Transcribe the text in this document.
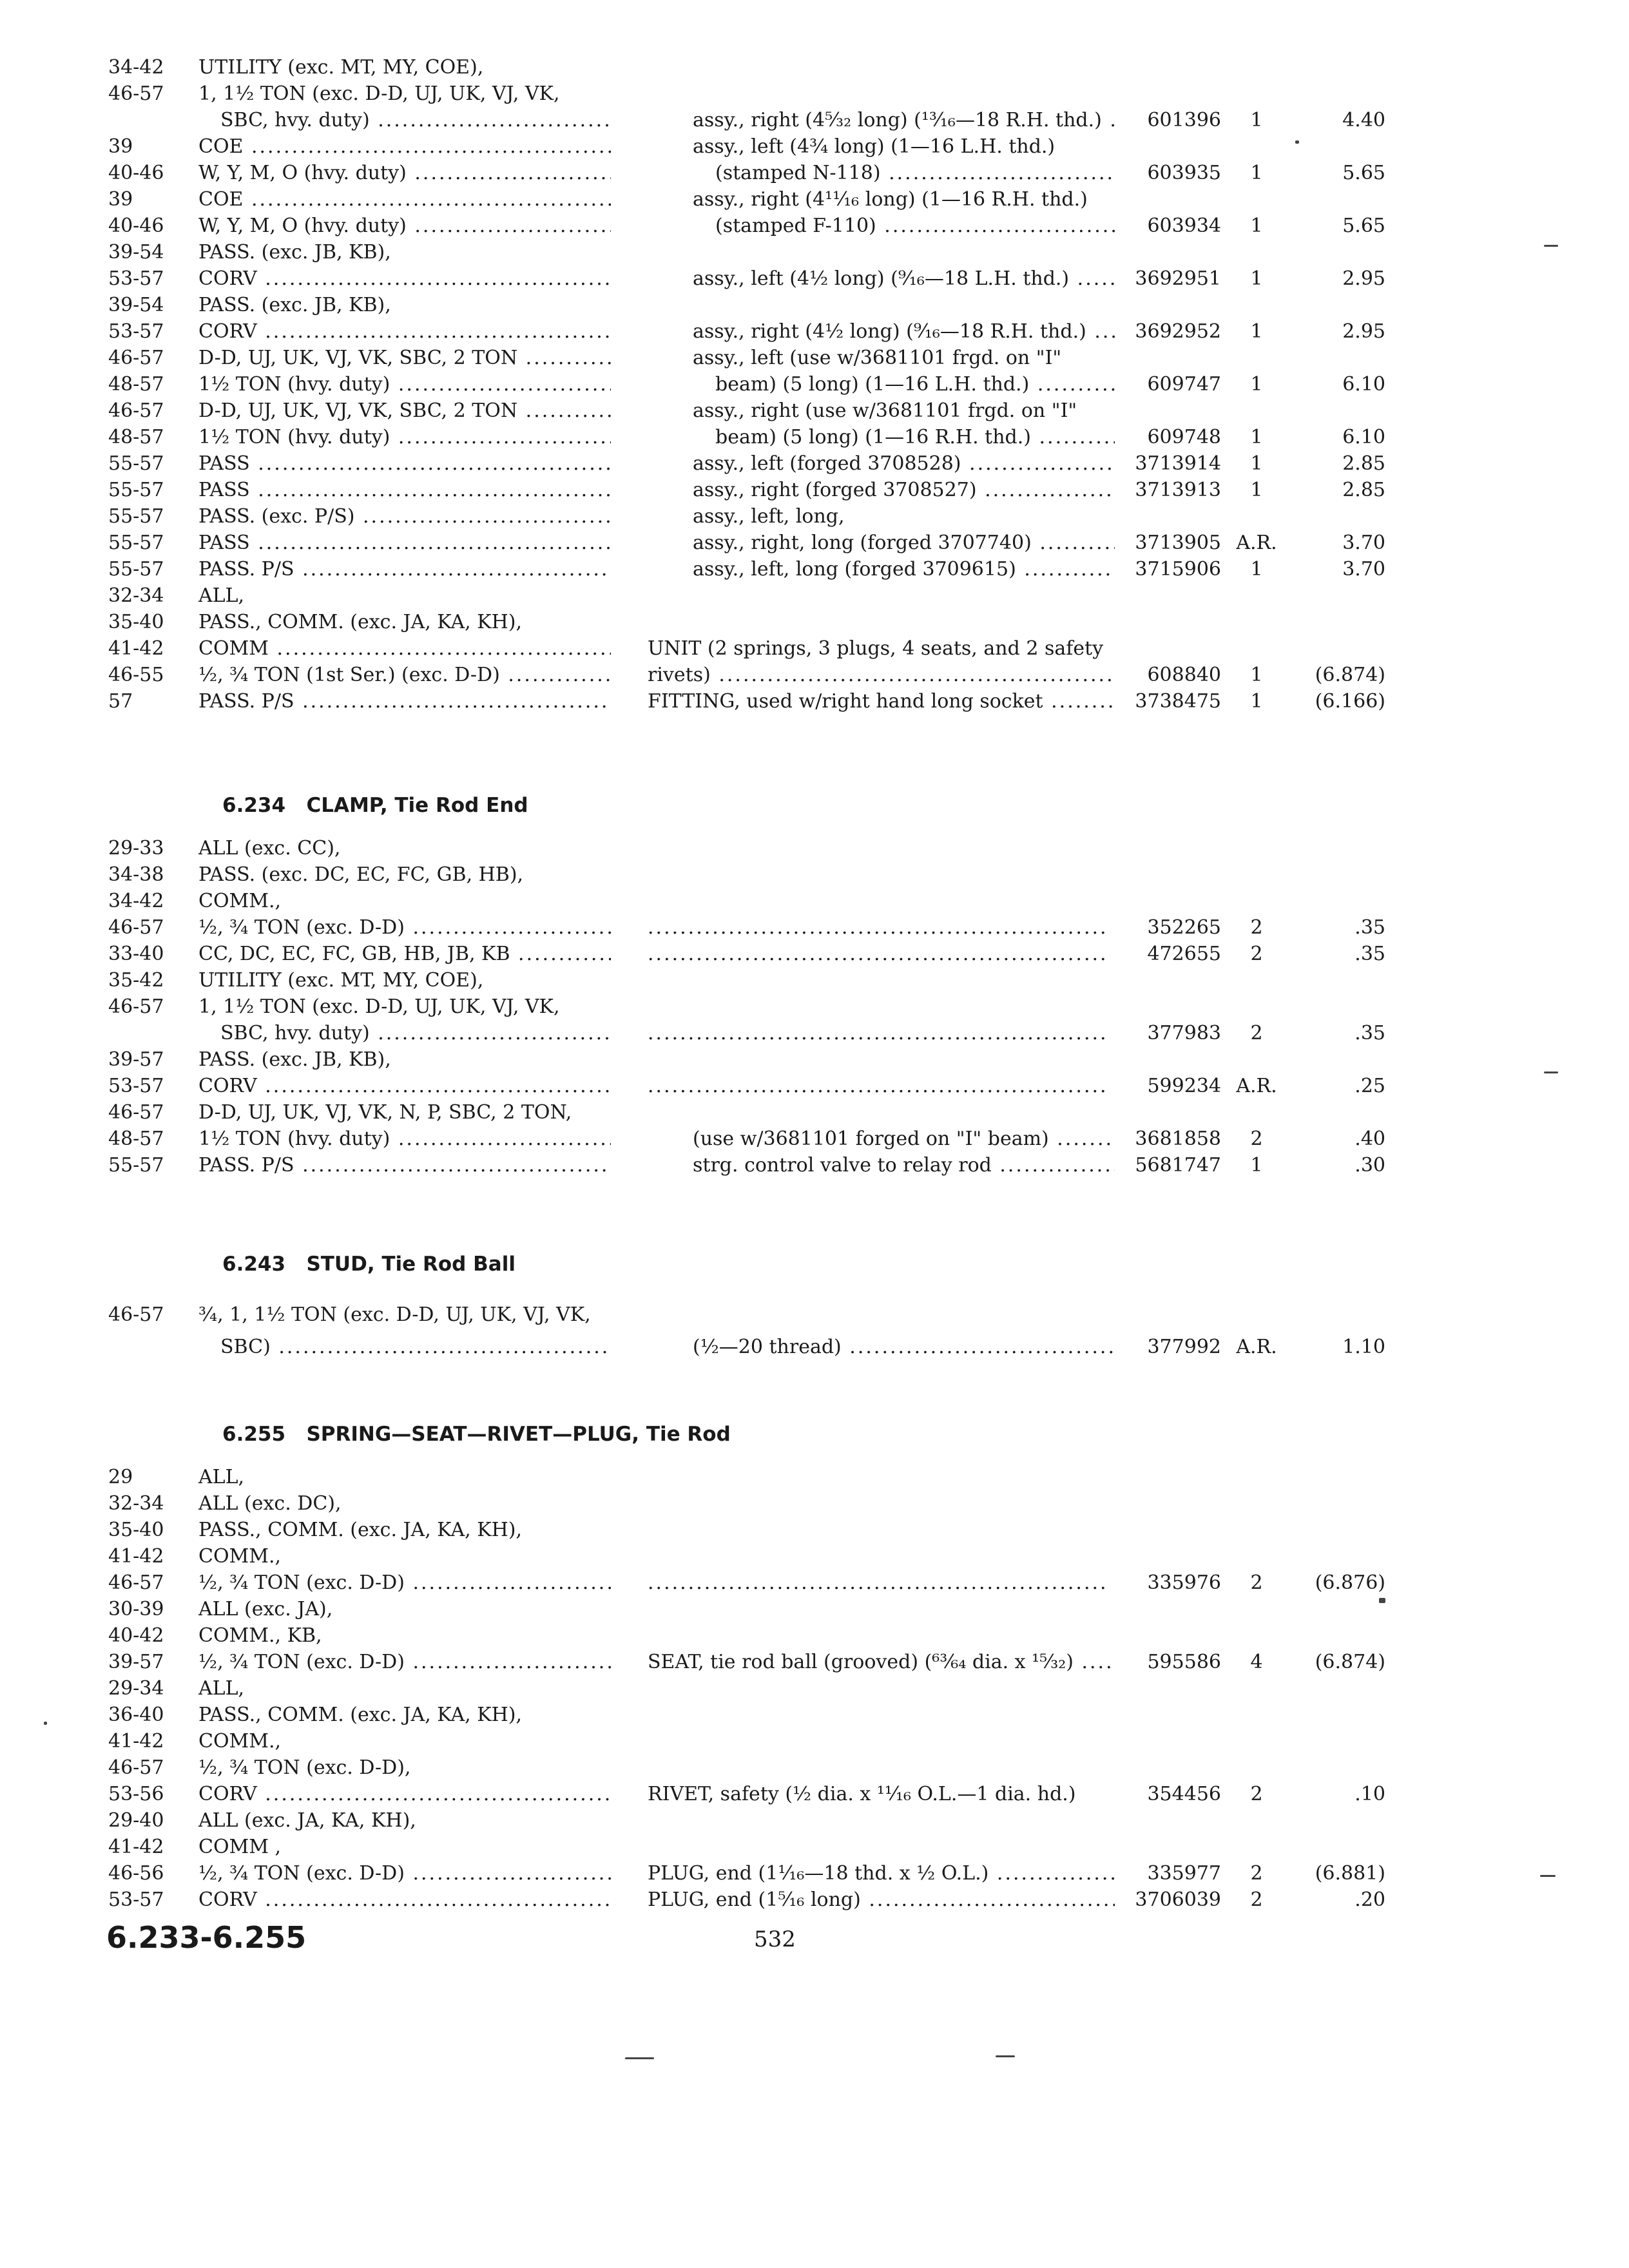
34-42	UTILITY (exc. MT, MY, COE),
46-57	1, 1½ TON (exc. D-D, UJ, UK, VJ, VK,
SBC, hvy. duty) .....	assy., right (4⁵⁄₃₂ long) (¹³⁄₁₆—18 R.H. thd.) .....	601396	1	4.40
39	COE .....	assy., left (4¾ long) (1—16 L.H. thd.)
40-46	W, Y, M, O (hvy. duty) .....	(stamped N-118) .....	603935	1	5.65
39	COE .....	assy., right (4¹¹⁄₁₆ long) (1—16 R.H. thd.)
40-46	W, Y, M, O (hvy. duty) .....	(stamped F-110) .....	603934	1	5.65
39-54	PASS. (exc. JB, KB),
53-57	CORV .....	assy., left (4½ long) (⁹⁄₁₆—18 L.H. thd.) .....	3692951	1	2.95
39-54	PASS. (exc. JB, KB),
53-57	CORV .....	assy., right (4½ long) (⁹⁄₁₆—18 R.H. thd.) .....	3692952	1	2.95
46-57	D-D, UJ, UK, VJ, VK, SBC, 2 TON .....	assy., left (use w/3681101 frgd. on "I"
48-57	1½ TON (hvy. duty) .....	beam) (5 long) (1—16 L.H. thd.) .....	609747	1	6.10
46-57	D-D, UJ, UK, VJ, VK, SBC, 2 TON .....	assy., right (use w/3681101 frgd. on "I"
48-57	1½ TON (hvy. duty) .....	beam) (5 long) (1—16 R.H. thd.) .....	609748	1	6.10
55-57	PASS .....	assy., left (forged 3708528) .....	3713914	1	2.85
55-57	PASS .....	assy., right (forged 3708527) .....	3713913	1	2.85
55-57	PASS. (exc. P/S) .....	assy., left, long,
55-57	PASS .....	assy., right, long (forged 3707740) .....	3713905 A.R.	3.70
55-57	PASS. P/S .....	assy., left, long (forged 3709615) .....	3715906	1	3.70
32-34	ALL,
35-40	PASS., COMM. (exc. JA, KA, KH),
41-42	COMM .....	UNIT (2 springs, 3 plugs, 4 seats, and 2 safety
46-55	½, ¾ TON (1st Ser.) (exc. D-D) .....	rivets) .....	608840	1	(6.874)
57	PASS. P/S .....	FITTING, used w/right hand long socket .....	3738475	1	(6.166)
6.234 CLAMP, Tie Rod End
29-33	ALL (exc. CC),
34-38	PASS. (exc. DC, EC, FC, GB, HB),
34-42	COMM.,
46-57	½, ¾ TON (exc. D-D) ..... .....	352265	2	.35
33-40	CC, DC, EC, FC, GB, HB, JB, KB ..... .....	472655	2	.35
35-42	UTILITY (exc. MT, MY, COE),
46-57	1, 1½ TON (exc. D-D, UJ, UK, VJ, VK,
SBC, hvy. duty) ..... .....	377983	2	.35
39-57	PASS. (exc. JB, KB),
53-57	CORV ..... .....	599234 A.R.	.25
46-57	D-D, UJ, UK, VJ, VK, N, P, SBC, 2 TON,
48-57	1½ TON (hvy. duty) .....	(use w/3681101 forged on "I" beam) .....	3681858	2	.40
55-57	PASS. P/S .....	strg. control valve to relay rod .....	5681747	1	.30
6.243 STUD, Tie Rod Ball
46-57	¾, 1, 1½ TON (exc. D-D, UJ, UK, VJ, VK,
SBC) .....	(½—20 thread) .....	377992 A.R.	1.10
6.255 SPRING—SEAT—RIVET—PLUG, Tie Rod
29	ALL,
32-34	ALL (exc. DC),
35-40	PASS., COMM. (exc. JA, KA, KH),
41-42	COMM.,
46-57	½, ¾ TON (exc. D-D) ..... .....	335976	2	(6.876)
30-39	ALL (exc. JA),
40-42	COMM., KB,
39-57	½, ¾ TON (exc. D-D) .....	SEAT, tie rod ball (grooved) (⁶³⁄₆₄ dia. x ¹⁵⁄₃₂) .....	595586	4	(6.874)
29-34	ALL,
36-40	PASS., COMM. (exc. JA, KA, KH),
41-42	COMM.,
46-57	½, ¾ TON (exc. D-D),
53-56	CORV .....	RIVET, safety (½ dia. x ¹¹⁄₁₆ O.L.—1 dia. hd.)	354456	2	.10
29-40	ALL (exc. JA, KA, KH),
41-42	COMM ,
46-56	½, ¾ TON (exc. D-D) .....	PLUG, end (1¹⁄₁₆—18 thd. x ½ O.L.) .....	335977	2	(6.881)
53-57	CORV .....	PLUG, end (1⁵⁄₁₆ long) .....	3706039	2	.20
6.233-6.255	532
